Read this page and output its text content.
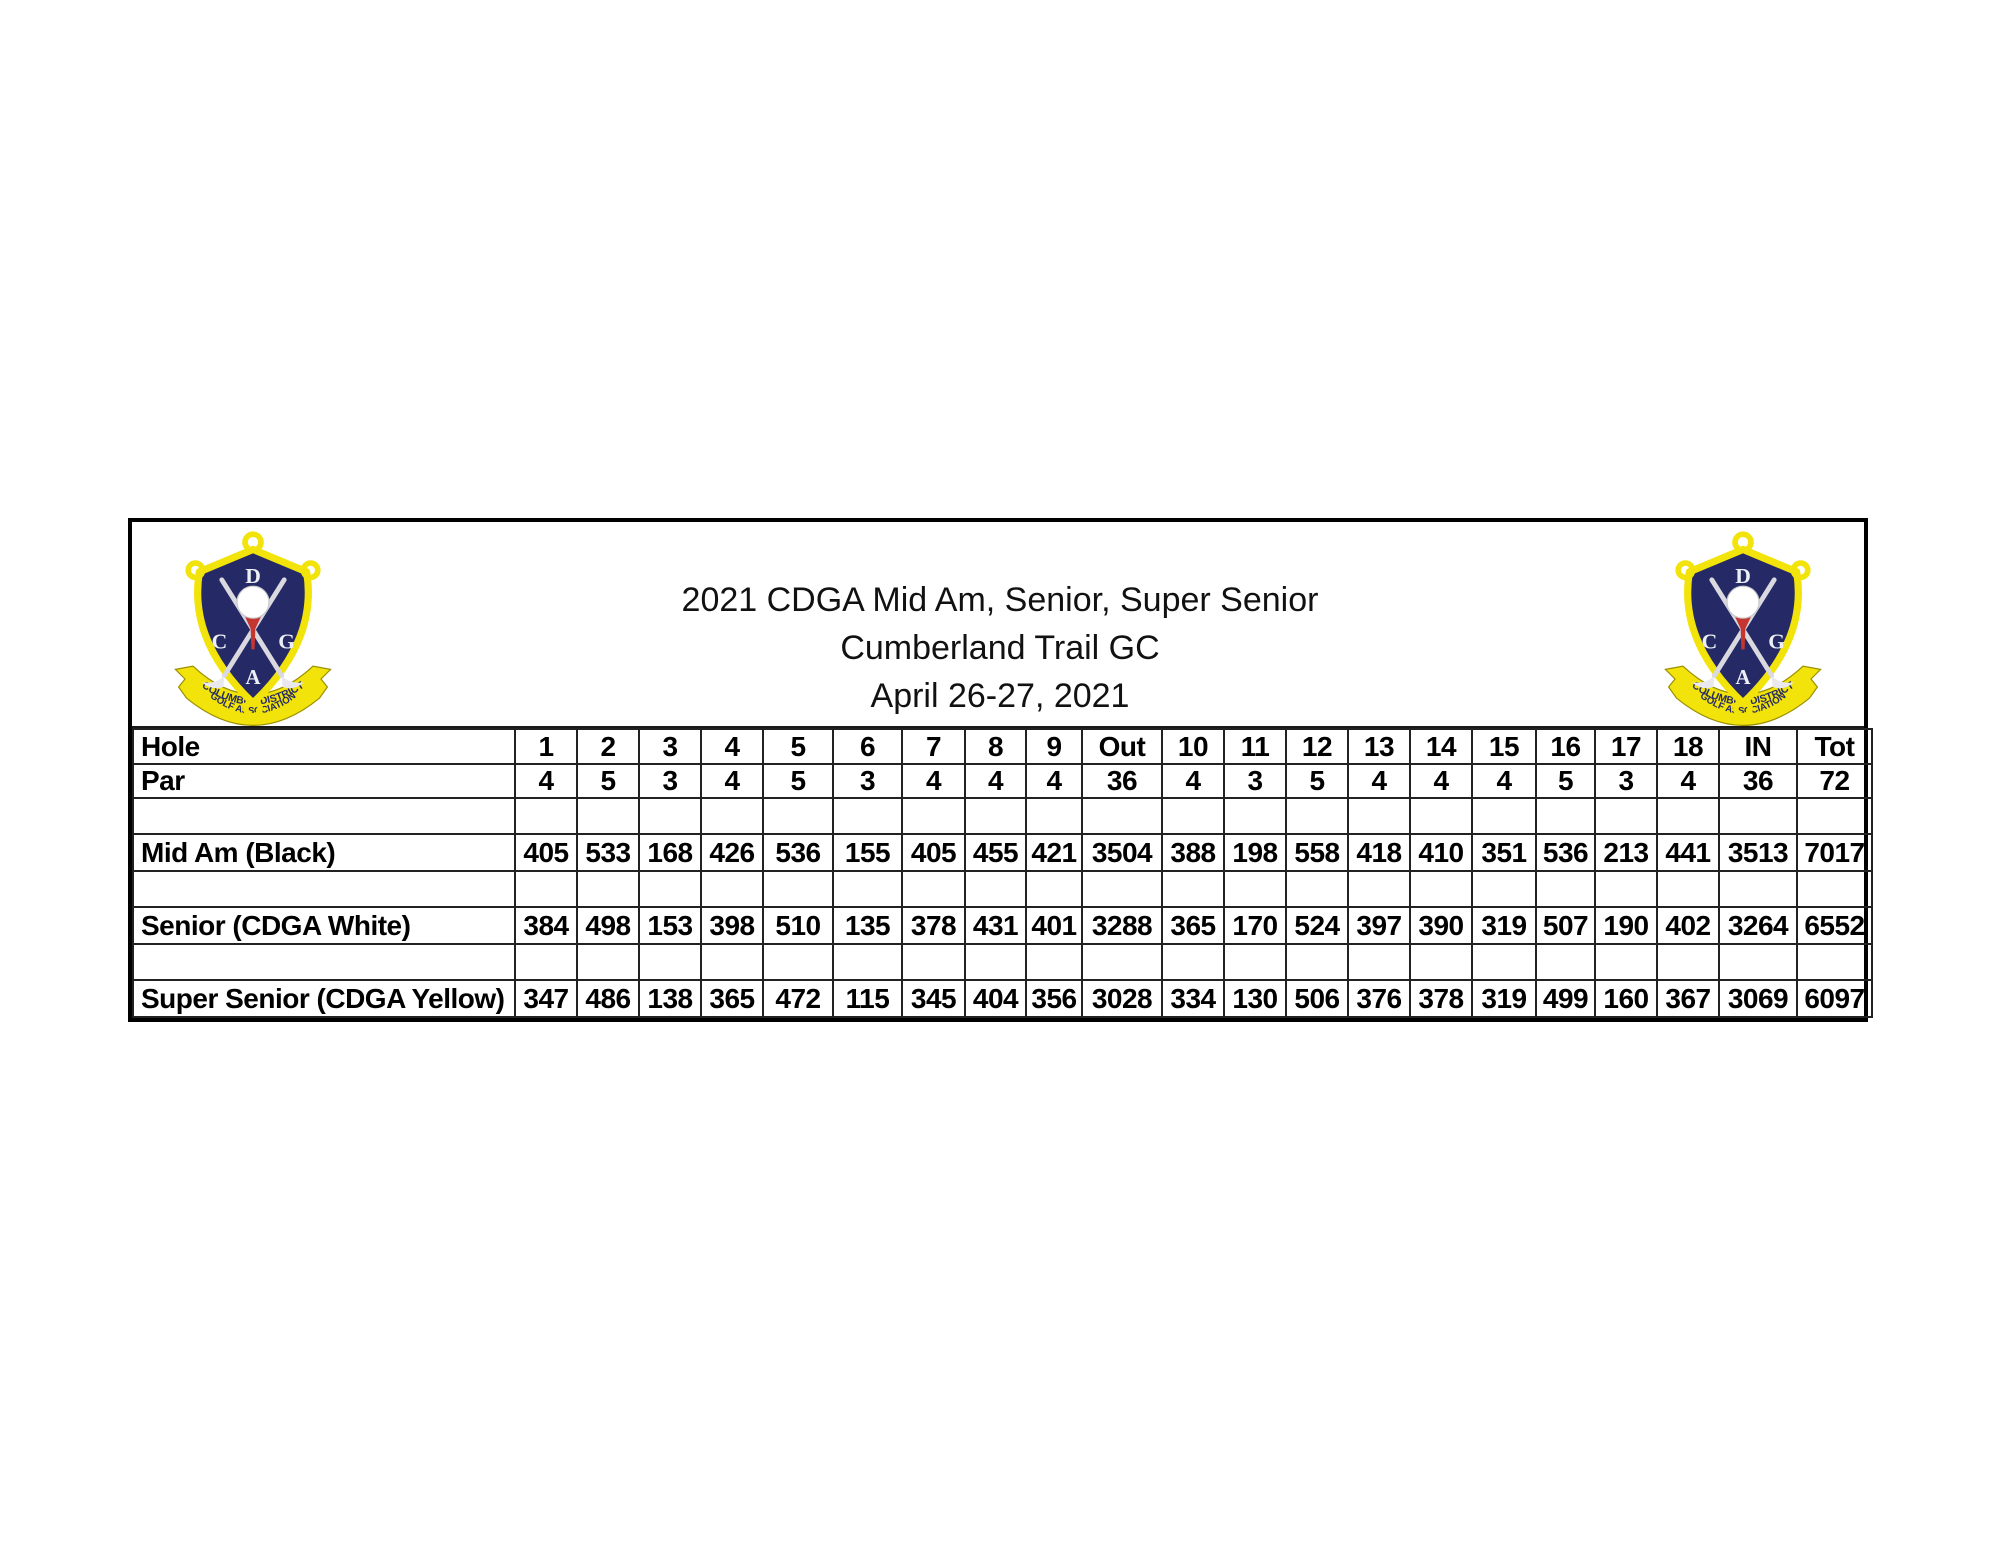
2021 CDGA Mid Am, Senior, Super Senior
Cumberland Trail GC
April 26-27, 2021
Hole	1	2	3	4	5	6	7	8	9	Out	10	11	12	13	14	15	16	17	18	IN	Tot
Par	4	5	3	4	5	3	4	4	4	36	4	3	5	4	4	4	5	3	4	36	72

Mid Am (Black)	405	533	168	426	536	155	405	455	421	3504	388	198	558	418	410	351	536	213	441	3513	7017

Senior (CDGA White)	384	498	153	398	510	135	378	431	401	3288	365	170	524	397	390	319	507	190	402	3264	6552

Super Senior (CDGA Yellow)	347	486	138	365	472	115	345	404	356	3028	334	130	506	376	378	319	499	160	367	3069	6097
